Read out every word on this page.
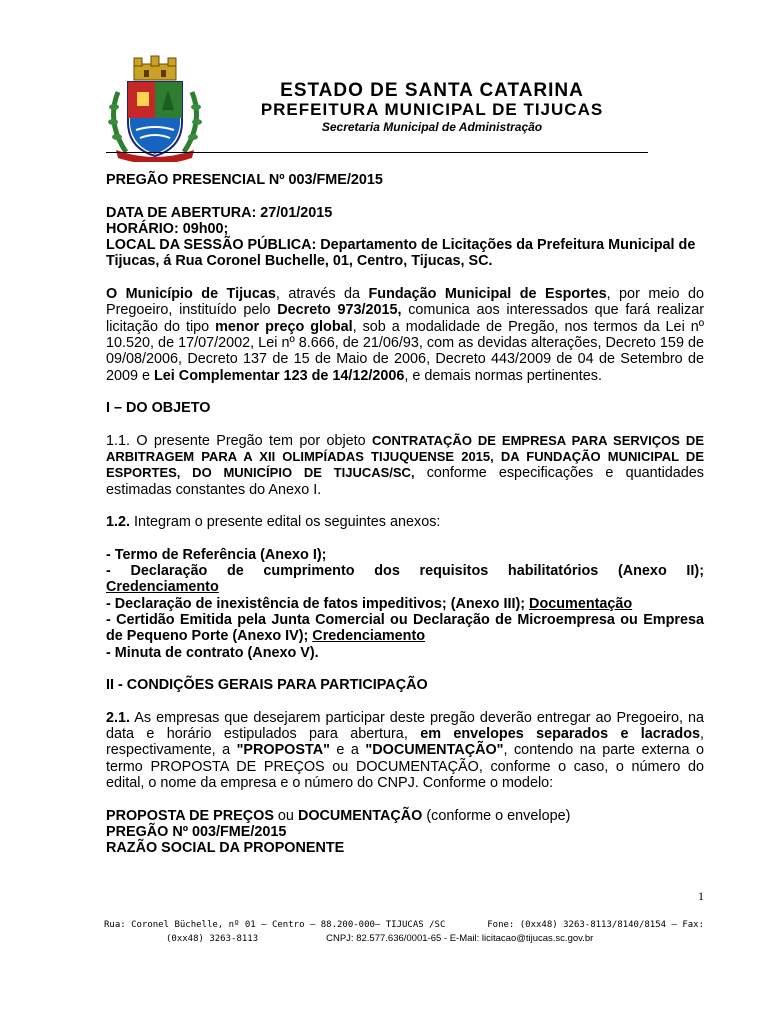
ESTADO DE SANTA CATARINA
PREFEITURA MUNICIPAL DE TIJUCAS
Secretaria Municipal de Administração

PREGÃO PRESENCIAL Nº 003/FME/2015

DATA DE ABERTURA: 27/01/2015

HORÁRIO: 09h00;

LOCAL DA SESSÃO PÚBLICA: Departamento de Licitações da Prefeitura Municipal de Tijucas, á Rua Coronel Buchelle, 01, Centro, Tijucas, SC.

O Município de Tijucas, através da Fundação Municipal de Esportes, por meio do Pregoeiro, instituído pelo Decreto 973/2015, comunica aos interessados que fará realizar licitação do tipo menor preço global, sob a modalidade de Pregão, nos termos da Lei nº 10.520, de 17/07/2002, Lei nº 8.666, de 21/06/93, com as devidas alterações, Decreto 159 de 09/08/2006, Decreto 137 de 15 de Maio de 2006, Decreto 443/2009 de 04 de Setembro de 2009 e Lei Complementar 123 de 14/12/2006, e demais normas pertinentes.

I – DO OBJETO

1.1. O presente Pregão tem por objeto CONTRATAÇÃO DE EMPRESA PARA SERVIÇOS DE ARBITRAGEM PARA A XII OLIMPÍADAS TIJUQUENSE 2015, DA FUNDAÇÃO MUNICIPAL DE ESPORTES, DO MUNICÍPIO DE TIJUCAS/SC, conforme especificações e quantidades estimadas constantes do Anexo I.

1.2. Integram o presente edital os seguintes anexos:

- Termo de Referência (Anexo I);

- Declaração de cumprimento dos requisitos habilitatórios (Anexo II);

Credenciamento

- Declaração de inexistência de fatos impeditivos; (Anexo III); Documentação

- Certidão Emitida pela Junta Comercial ou Declaração de Microempresa ou Empresa de Pequeno Porte (Anexo IV); Credenciamento

- Minuta de contrato (Anexo V).

II - CONDIÇÕES GERAIS PARA PARTICIPAÇÃO

2.1. As empresas que desejarem participar deste pregão deverão entregar ao Pregoeiro, na data e horário estipulados para abertura, em envelopes separados e lacrados, respectivamente, a "PROPOSTA" e a "DOCUMENTAÇÃO", contendo na parte externa o termo PROPOSTA DE PREÇOS ou DOCUMENTAÇÃO, conforme o caso, o número do edital, o nome da empresa e o número do CNPJ. Conforme o modelo:

PROPOSTA DE PREÇOS ou DOCUMENTAÇÃO (conforme o envelope)

PREGÃO Nº 003/FME/2015

RAZÃO SOCIAL DA PROPONENTE

1
Rua: Coronel Büchelle, nº 01 – Centro – 88.200-000– TIJUCAS /SC	Fone: (0xx48) 3263-8113/8140/8154 – Fax:
(0xx48) 3263-8113	CNPJ: 82.577.636/0001-65 - E-Mail: licitacao@tijucas.sc.gov.br
